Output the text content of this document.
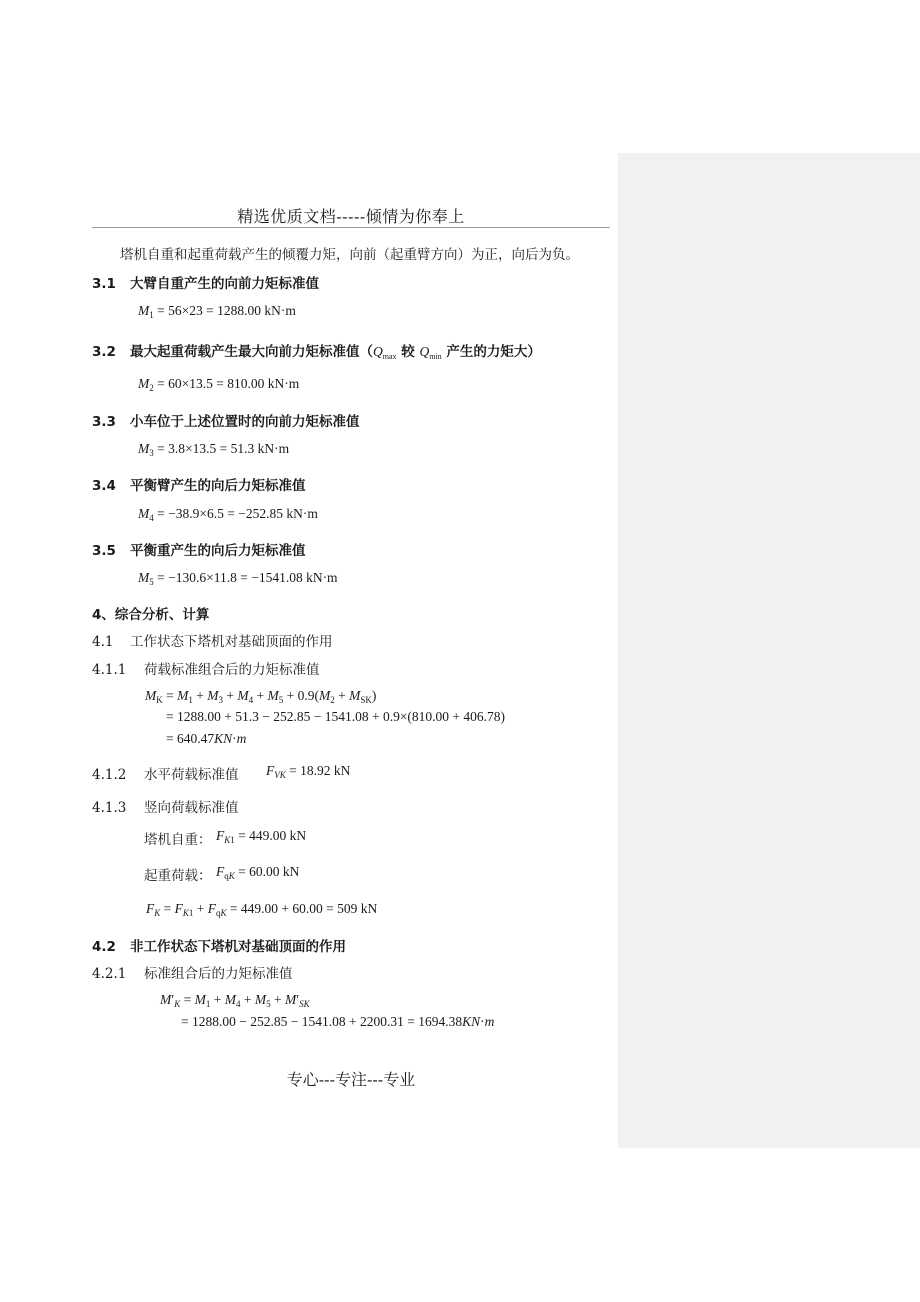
精选优质文档-----倾情为你奉上
塔机自重和起重荷载产生的倾覆力矩，向前（起重臂方向）为正，向后为负。
3.1 大臂自重产生的向前力矩标准值
$M_1 = 56\times 23 = 1288.00$ kN·m
3.2 最大起重荷载产生最大向前力矩标准值（$Q_{max}$ 较 $Q_{min}$ 产生的力矩大）
$M_2 = 60\times 13.5 = 810.00$ kN·m
3.3 小车位于上述位置时的向前力矩标准值
$M_3 = 3.8\times 13.5 = 51.3$ kN·m
3.4 平衡臂产生的向后力矩标准值
$M_4 = -38.9\times 6.5 = -252.85$ kN·m
3.5 平衡重产生的向后力矩标准值
$M_5 = -130.6\times 11.8 = -1541.08$ kN·m
4、综合分析、计算
4.1 工作状态下塔机对基础顶面的作用
4.1.1 荷载标准组合后的力矩标准值
$M_K = M_1 + M_3 + M_4 + M_5 + 0.9(M_2 + M_{SK})$
= 1288.00 + 51.3 − 252.85 − 1541.08 + 0.9×(810.00 + 406.78)
= 640.47KN·m
4.1.2 水平荷载标准值 $F_{VK} = 18.92$ kN
4.1.3 竖向荷载标准值
塔机自重： $F_{K1} = 449.00$ kN
起重荷载： $F_{qK} = 60.00$ kN
$F_K = F_{K1} + F_{qK} = 449.00 + 60.00 = 509$ kN
4.2 非工作状态下塔机对基础顶面的作用
4.2.1 标准组合后的力矩标准值
$M'_K = M_1 + M_4 + M_5 + M'_{SK}$
= 1288.00 − 252.85 − 1541.08 + 2200.31 = 1694.38KN·m
专心---专注---专业
